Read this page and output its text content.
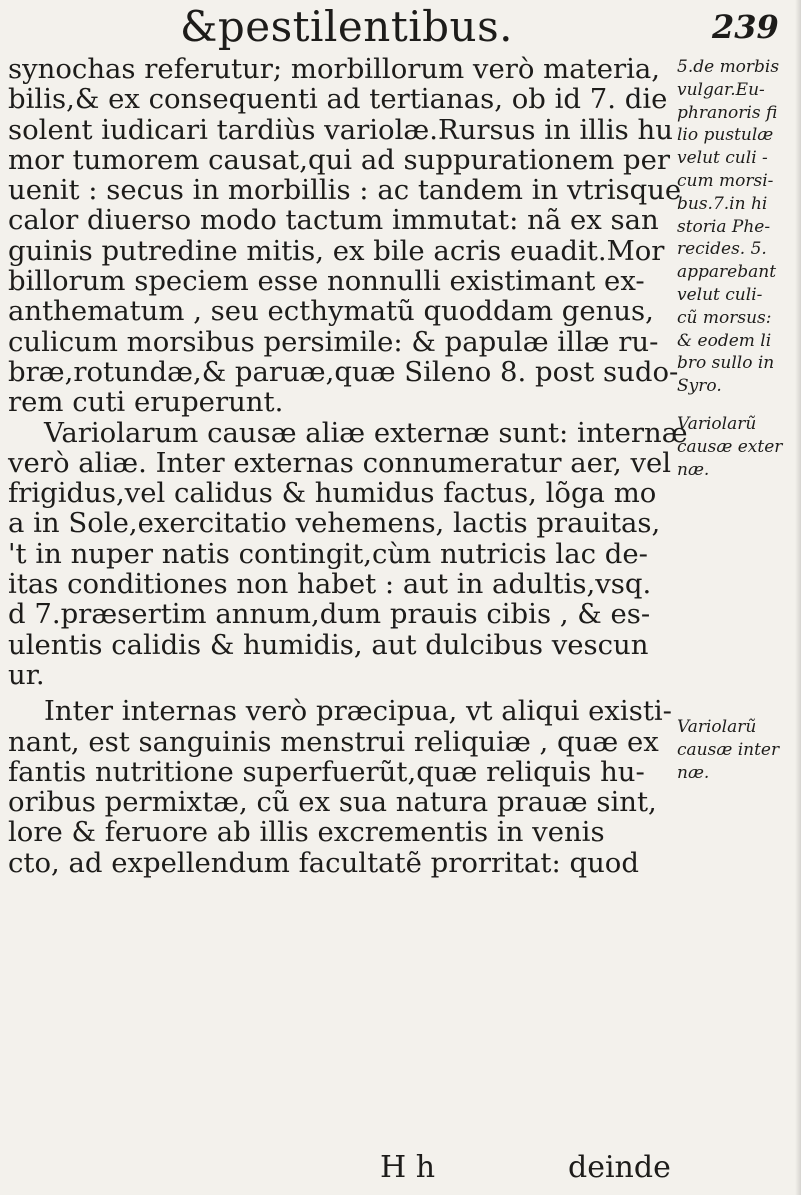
&pestilentibus.	239
synochas referutur; morbillorum verò materia,
bilis,& ex consequenti ad tertianas, ob id 7. die
solent iudicari tardiùs variolæ.Rursus in illis hu
mor tumorem causat,qui ad suppurationem per
uenit : secus in morbillis : ac tandem in vtrisque
calor diuerso modo tactum immutat: nã ex san
guinis putredine mitis, ex bile acris euadit.Mor
billorum speciem esse nonnulli existimant ex-
anthematum , seu ecthymatũ quoddam genus,
culicum morsibus persimile: & papulæ illæ ru-
bræ,rotundæ,& paruæ,quæ Sileno 8. post sudo-
rem cuti eruperunt.
Variolarum causæ aliæ externæ sunt: internæ
verò aliæ. Inter externas connumeratur aer, vel
frigidus,vel calidus & humidus factus, lõga mo
a in Sole,exercitatio vehemens, lactis prauitas,
't in nuper natis contingit,cùm nutricis lac de-
itas conditiones non habet : aut in adultis,vsq.
d 7.præsertim annum,dum prauis cibis , & es-
ulentis calidis & humidis, aut dulcibus vescun
ur.
Inter internas verò præcipua, vt aliqui existi-
nant, est sanguinis menstrui reliquiæ , quæ ex
fantis nutritione superfuerũt,quæ reliquis hu-
oribus permixtæ, cũ ex sua natura prauæ sint,
lore & feruore ab illis excrementis in venis
cto, ad expellendum facultatẽ prorritat: quod
5.de morbis
vulgar.Eu-
phranoris fi
lio pustulæ
velut culi -
cum morsi-
bus.7.in hi
storia Phe-
recides. 5.
apparebant
velut culi-
cũ morsus:
& eodem li
bro sullo in
Syro.
Variolarũ
causæ exter
næ.
Variolarũ
causæ inter
næ.
H h	deinde
